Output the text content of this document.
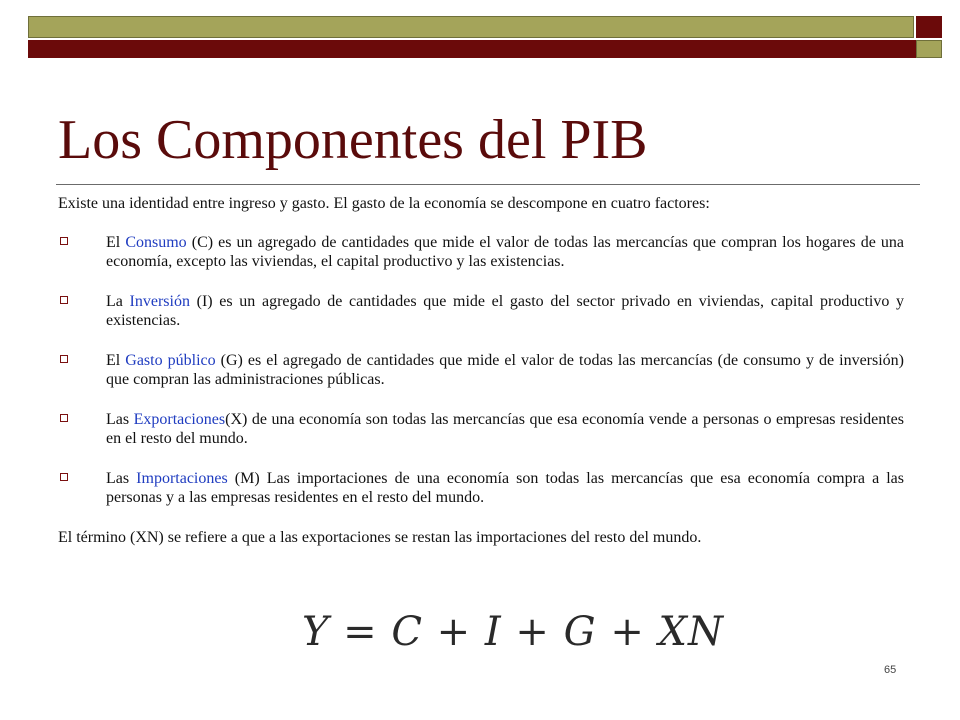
Los Componentes del PIB

Existe una identidad entre ingreso y gasto. El gasto de la economía se descompone en cuatro factores:

El Consumo (C) es un agregado de cantidades que mide el valor de todas las mercancías que compran los hogares de una economía, excepto las viviendas, el capital productivo y las existencias.
La Inversión (I) es un agregado de cantidades que mide el gasto del sector privado en viviendas, capital productivo y existencias.
El Gasto público (G) es el agregado de cantidades que mide el valor de todas las mercancías (de consumo y de inversión) que compran las administraciones públicas.
Las Exportaciones(X) de una economía son todas las mercancías que esa economía vende a personas o empresas residentes en el resto del mundo.
Las Importaciones (M) Las importaciones de una economía son todas las mercancías que esa economía compra a las personas y a las empresas residentes en el resto del mundo.

El término (XN) se refiere a que a las exportaciones se restan las importaciones del resto del mundo.

Y = C + I + G + XN
65
